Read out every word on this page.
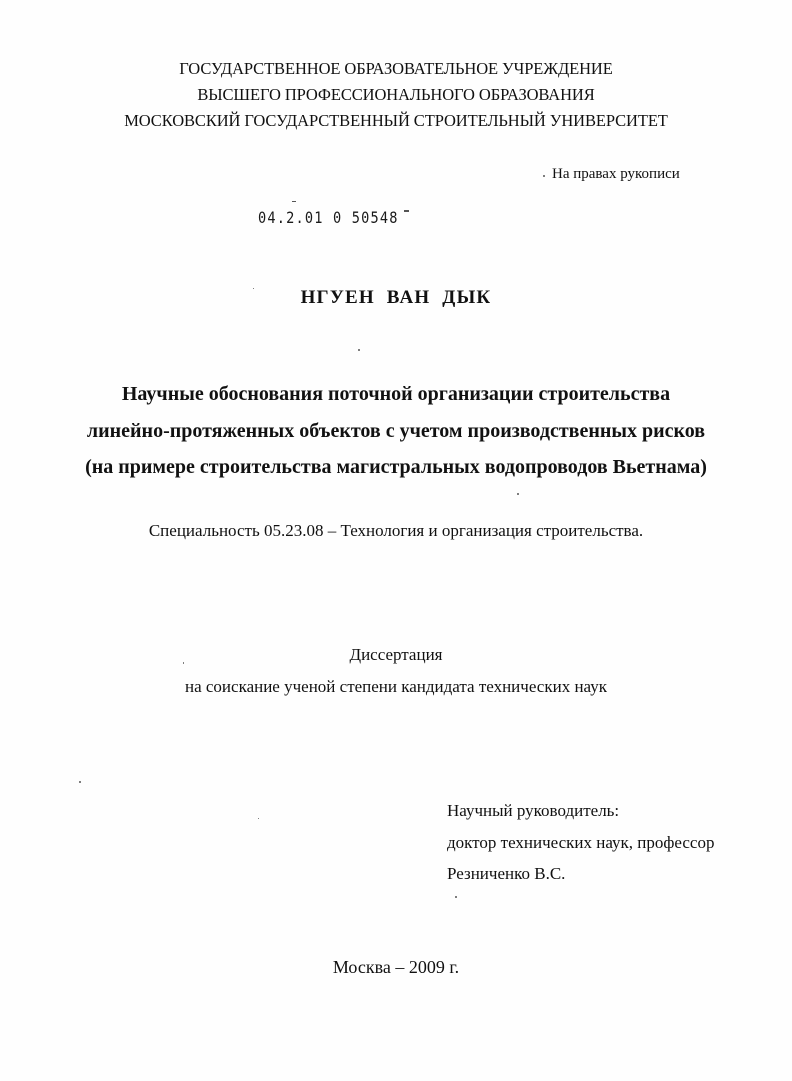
ГОСУДАРСТВЕННОЕ ОБРАЗОВАТЕЛЬНОЕ УЧРЕЖДЕНИЕ
ВЫСШЕГО ПРОФЕССИОНАЛЬНОГО ОБРАЗОВАНИЯ
МОСКОВСКИЙ ГОСУДАРСТВЕННЫЙ СТРОИТЕЛЬНЫЙ УНИВЕРСИТЕТ
На правах рукописи
04.2.01 0 50548
НГУЕН ВАН ДЫК
Научные обоснования поточной организации строительства
линейно-протяженных объектов с учетом производственных рисков
(на примере строительства магистральных водопроводов Вьетнама)
Специальность 05.23.08 – Технология и организация строительства.
Диссертация
на соискание ученой степени кандидата технических наук
Научный руководитель:
доктор технических наук, профессор
Резниченко В.С.
Москва – 2009 г.
